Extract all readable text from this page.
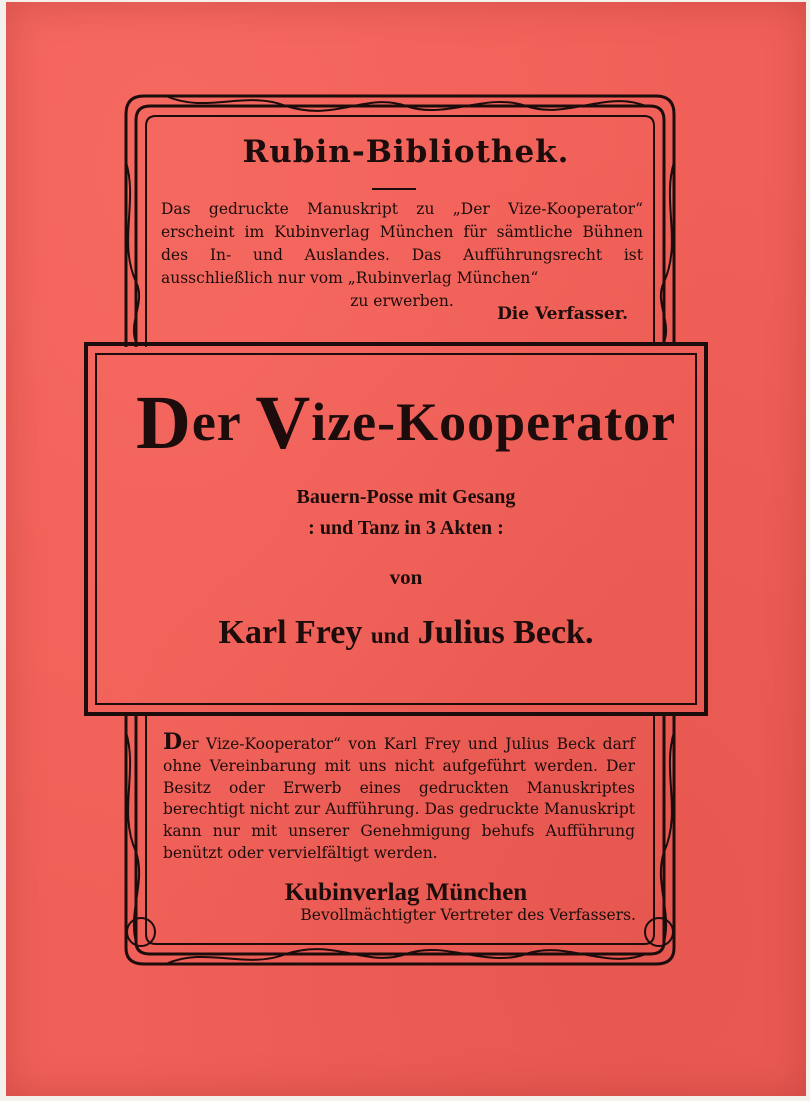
Rubin-Bibliothek.
Das gedruckte Manuskript zu „Der Vize-Kooperator“ erscheint im Kubinverlag München für sämtliche Bühnen des In- und Auslandes. Das Aufführungsrecht ist ausschließlich nur vom „Rubinverlag München“
zu erwerben.
Die Verfasser.
Der Vize-Kooperator
Bauern-Posse mit Gesang
: und Tanz in 3 Akten :
von
Karl Frey und Julius Beck.
Der Vize-Kooperator“ von Karl Frey und Julius Beck darf ohne Vereinbarung mit uns nicht aufgeführt werden. Der Besitz oder Erwerb eines gedruckten Manuskriptes berechtigt nicht zur Aufführung. Das gedruckte Manuskript kann nur mit unserer Genehmigung behufs Aufführung benützt oder vervielfältigt werden.
Kubinverlag München
Bevollmächtigter Vertreter des Verfassers.
